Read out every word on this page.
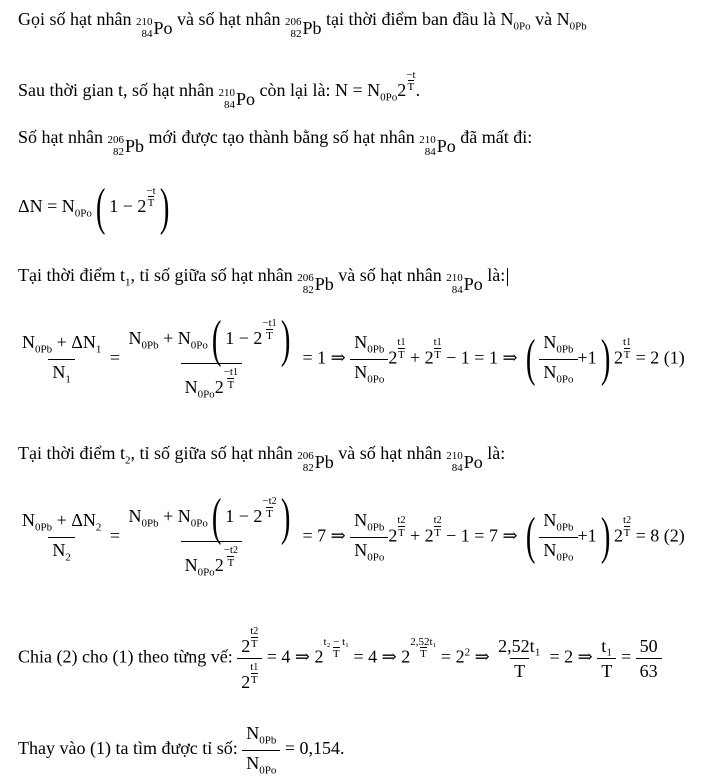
Gọi số hạt nhân 210
84 Po và số hạt nhân 206
82 Pb tại thời điểm ban đầu là $N_{0Po}$ và $N_{0Pb}$
Sau thời gian t, số hạt nhân 210
84 Po còn lại là: $N = N_{0Po}2 \frac{-t}{T}$ .
Số hạt nhân 206
82 Pb mới được tạo thành bằng số hạt nhân 210
84 Po đã mất đi:
$\Delta N = N_{0Po}$( $1 - 2 \frac{-t}{T}$ )
Tại thời điểm $t_1$, tỉ số giữa số hạt nhân 206
82 Pb và số hạt nhân 210
84 Po là:
$\frac{N_{0Pb} + \Delta N_1}{N_1} = \frac{N_{0Pb} + N_{0Po}( 1 - 2 \frac{-t1}{T} )}{N_{0Po}2 \frac{-t1}{T}} = 1$ ⇒ $\frac{N_{0Pb}}{N_{0Po}} 2 \frac{t1}{T} + 2 \frac{t1}{T} - 1 = 1$ ⇒ ( $\frac{N_{0Pb}}{N_{0Po}} +1$) $2 \frac{t1}{T} = 2$ (1)
Tại thời điểm $t_2$, tỉ số giữa số hạt nhân 206
82 Pb và số hạt nhân 210
84 Po là:
$\frac{N_{0Pb} + \Delta N_2}{N_2} = \frac{N_{0Pb} + N_{0Po}( 1 - 2 \frac{-t2}{T} )}{N_{0Po}2 \frac{-t2}{T}} = 7$ ⇒ $\frac{N_{0Pb}}{N_{0Po}} 2 \frac{t2}{T} + 2 \frac{t2}{T} - 1 = 7$ ⇒ ( $\frac{N_{0Pb}}{N_{0Po}} +1$) $2 \frac{t2}{T} = 8$ (2)
Chia (2) cho (1) theo từng vế: $\frac{2 \frac{t2}{T}}{2 \frac{t1}{T}} = 4$ ⇒ $2 \frac{\text{t₂ − t₁}}{T} = 4$ ⇒ $2 \frac{\text{2,52t₁}}{T} = 2^2$ ⇒ $\frac{\text{2,52t₁}}{T} = 2$ ⇒ $\frac{\text{t₁}}{T} = \frac{50}{63}$
Thay vào (1) ta tìm được tỉ số: $\frac{N_{0Pb}}{N_{0Po}} = 0,154$.
